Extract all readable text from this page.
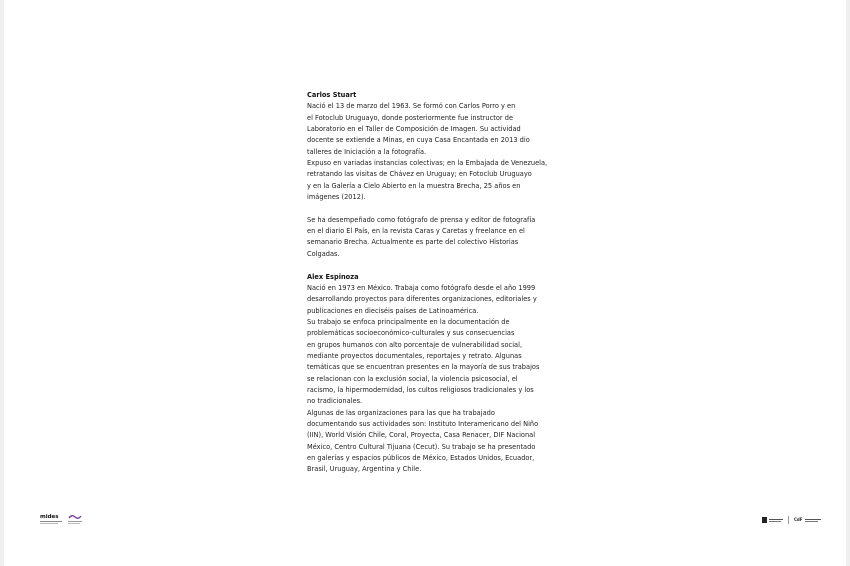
Carlos Stuart
Nació el 13 de marzo del 1963. Se formó con Carlos Porro y en
el Fotoclub Uruguayo, donde posteriormente fue instructor de
Laboratorio en el Taller de Composición de Imagen. Su actividad
docente se extiende a Minas, en cuya Casa Encantada en 2013 dio
talleres de Iniciación a la fotografía.
Expuso en variadas instancias colectivas; en la Embajada de Venezuela,
retratando las visitas de Chávez en Uruguay; en Fotoclub Uruguayo
y en la Galería a Cielo Abierto en la muestra Brecha, 25 años en
imágenes (2012).
Se ha desempeñado como fotógrafo de prensa y editor de fotografía
en el diario El País, en la revista Caras y Caretas y freelance en el
semanario Brecha. Actualmente es parte del colectivo Historias
Colgadas.
Alex Espinoza
Nació en 1973 en México. Trabaja como fotógrafo desde el año 1999
desarrollando proyectos para diferentes organizaciones, editoriales y
publicaciones en dieciséis países de Latinoamérica.
Su trabajo se enfoca principalmente en la documentación de
problemáticas socioeconómico-culturales y sus consecuencias
en grupos humanos con alto porcentaje de vulnerabilidad social,
mediante proyectos documentales, reportajes y retrato. Algunas
temáticas que se encuentran presentes en la mayoría de sus trabajos
se relacionan con la exclusión social, la violencia psicosocial, el
racismo, la hipermodernidad, los cultos religiosos tradicionales y los
no tradicionales.
Algunas de las organizaciones para las que ha trabajado
documentando sus actividades son: Instituto Interamericano del Niño
(IIN), World Visión Chile, Coral, Proyecta, Casa Renacer, DIF Nacional
México, Centro Cultural Tijuana (Cecut). Su trabajo se ha presentado
en galerías y espacios públicos de México, Estados Unidos, Ecuador,
Brasil, Uruguay, Argentina y Chile.
mides	CdF
